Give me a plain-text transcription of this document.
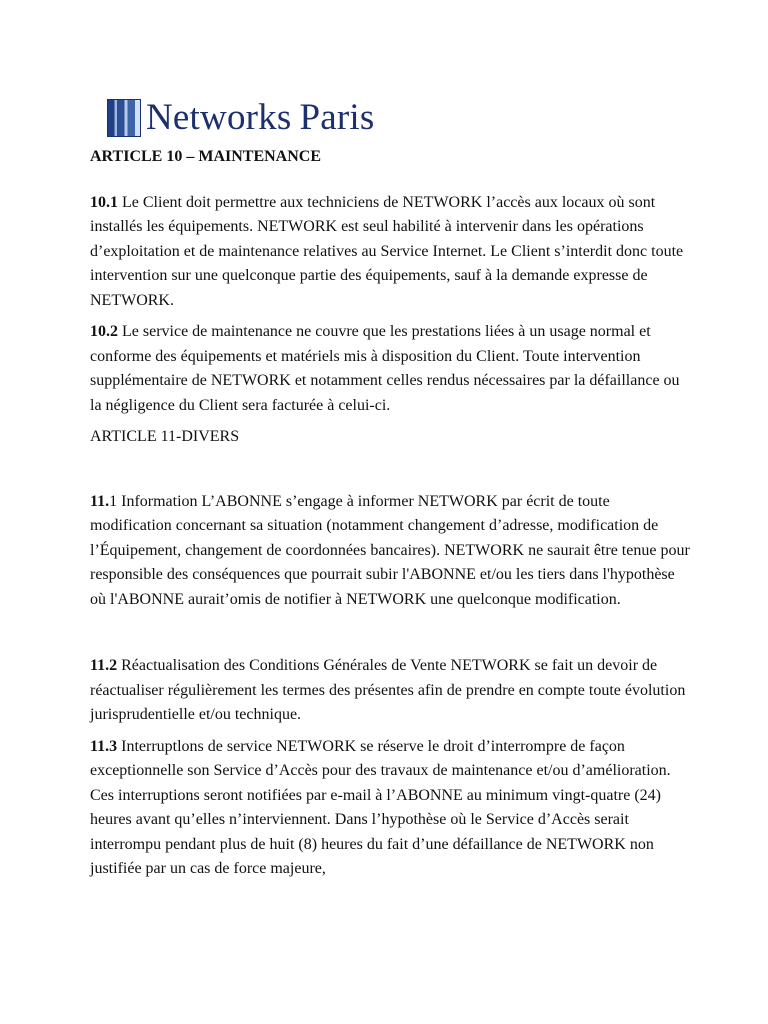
Networks Paris

ARTICLE 10 – MAINTENANCE

10.1 Le Client doit permettre aux techniciens de NETWORK l’accès aux locaux où sont installés les équipements. NETWORK est seul habilité à intervenir dans les opérations d’exploitation et de maintenance relatives au Service Internet. Le Client s’interdit donc toute intervention sur une quelconque partie des équipements, sauf à la demande expresse de NETWORK.

10.2 Le service de maintenance ne couvre que les prestations liées à un usage normal et conforme des équipements et matériels mis à disposition du Client. Toute intervention supplémentaire de NETWORK et notamment celles rendus nécessaires par la défaillance ou la négligence du Client sera facturée à celui-ci.

ARTICLE 11-DIVERS

11.1 Information L’ABONNE s’engage à informer NETWORK par écrit de toute modification concernant sa situation (notamment changement d’adresse, modification de l’Équipement, changement de coordonnées bancaires). NETWORK ne saurait être tenue pour responsible des conséquences que pourrait subir l'ABONNE et/ou les tiers dans l'hypothèse où l'ABONNE aurait’omis de notifier à NETWORK une quelconque modification.

11.2 Réactualisation des Conditions Générales de Vente NETWORK se fait un devoir de réactualiser régulièrement les termes des présentes afin de prendre en compte toute évolution jurisprudentielle et/ou technique.

11.3 Interruptlons de service NETWORK se réserve le droit d’interrompre de façon exceptionnelle son Service d’Accès pour des travaux de maintenance et/ou d’amélioration. Ces interruptions seront notifiées par e-mail à l’ABONNE au minimum vingt-quatre (24) heures avant qu’elles n’interviennent. Dans l’hypothèse où le Service d’Accès serait interrompu pendant plus de huit (8) heures du fait d’une défaillance de NETWORK non justifiée par un cas de force majeure,
